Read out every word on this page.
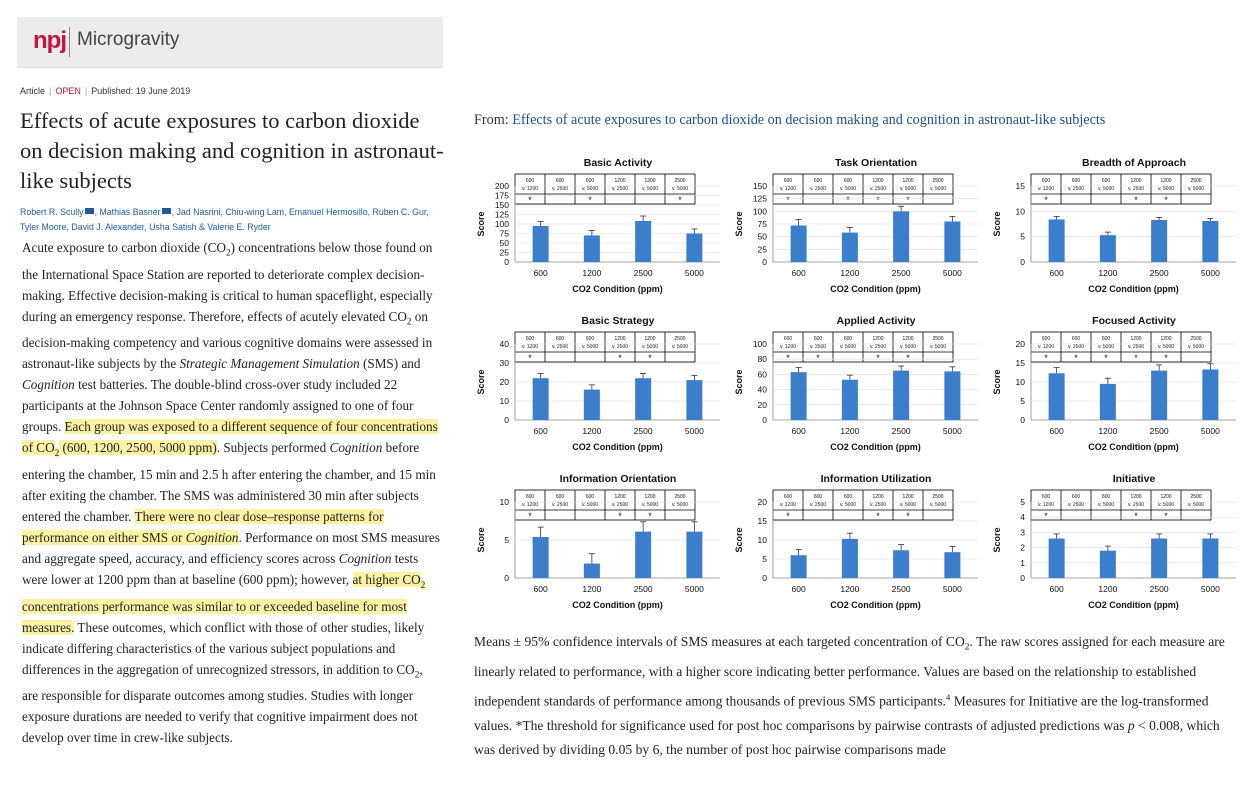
npj Microgravity
Article | OPEN | Published: 19 June 2019
Effects of acute exposures to carbon dioxide on decision making and cognition in astronaut-like subjects
Robert R. Scully , Mathias Basner , Jad Nasrini, Chiu-wing Lam, Emanuel Hermosillo, Ruben C. Gur, Tyler Moore, David J. Alexander, Usha Satish & Valerie E. Ryder

Acute exposure to carbon dioxide $(CO_2)$ concentrations below those found on the International Space Station are reported to deteriorate complex decision-making. Effective decision-making is critical to human spaceflight, especially during an emergency response. Therefore, effects of acutely elevated $CO_2$ on decision-making competency and various cognitive domains were assessed in astronaut-like subjects by the Strategic Management Simulation (SMS) and Cognition test batteries. The double-blind cross-over study included 22 participants at the Johnson Space Center randomly assigned to one of four groups. Each group was exposed to a different sequence of four concentrations of $CO_2$ (600, 1200, 2500, 5000 ppm). Subjects performed Cognition before entering the chamber, 15 min and 2.5 h after entering the chamber, and 15 min after exiting the chamber. The SMS was administered 30 min after subjects entered the chamber. There were no clear dose–response patterns for performance on either SMS or Cognition. Performance on most SMS measures and aggregate speed, accuracy, and efficiency scores across Cognition tests were lower at 1200 ppm than at baseline (600 ppm); however, at higher $CO_2$ concentrations performance was similar to or exceeded baseline for most measures. These outcomes, which conflict with those of other studies, likely indicate differing characteristics of the various subject populations and differences in the aggregation of unrecognized stressors, in addition to $CO_2$, are responsible for disparate outcomes among studies. Studies with longer exposure durations are needed to verify that cognitive impairment does not develop over time in crew-like subjects.

From: Effects of acute exposures to carbon dioxide on decision making and cognition in astronaut-like subjects
Basic Activity
600
v. 1200
*
600
v. 2500
600
v. 5000
*
1200
v. 2500
1200
v. 5000
2500
v. 5000
*
0
25
50
75
100
125
150
175
200
Score
600	1200	2500	5000
CO2 Condition (ppm)
Task Orientation
600
v. 1200
*
600
v. 2500
600
v. 5000
*
1200
v. 2500
*
1200
v. 5000
*
2500
v. 5000
0
25
50
75
100
125
150
Score
600	1200	2500	5000
CO2 Condition (ppm)
Breadth of Approach
600
v. 1200
*
600
v. 2500
600
v. 5000
1200
v. 2500
*
1200
v. 5000
*
2500
v. 5000
0
5
10
15
Score
600	1200	2500	5000
CO2 Condition (ppm)
Basic Strategy
600
v. 1200
*
600
v. 2500
600
v. 5000
1200
v. 2500
*
1200
v. 5000
*
2500
v. 5000
0
10
20
30
40
Score
600	1200	2500	5000
CO2 Condition (ppm)
Applied Activity
600
v. 1200
*
600
v. 2500
*
600
v. 5000
1200
v. 2500
*
1200
v. 5000
*
2500
v. 5000
0
20
40
60
80
100
Score
600	1200	2500	5000
CO2 Condition (ppm)
Focused Activity
600
v. 1200
*
600
v. 2500
*
600
v. 5000
*
1200
v. 2500
*
1200
v. 5000
*
2500
v. 5000
0
5
10
15
20
Score
600	1200	2500	5000
CO2 Condition (ppm)
Information Orientation
600
v. 1200
*
600
v. 2500
600
v. 5000
1200
v. 2500
*
1200
v. 5000
*
2500
v. 5000
0
5
10
Score
600	1200	2500	5000
CO2 Condition (ppm)
Information Utilization
600
v. 1200
*
600
v. 2500
600
v. 5000
1200
v. 2500
*
1200
v. 5000
*
2500
v. 5000
0
5
10
15
20
Score
600	1200	2500	5000
CO2 Condition (ppm)
Initiative
600
v. 1200
*
600
v. 2500
600
v. 5000
1200
v. 2500
*
1200
v. 5000
*
2500
v. 5000
0
1
2
3
4
5
Score
600	1200	2500	5000
CO2 Condition (ppm)

Means ± 95% confidence intervals of SMS measures at each targeted concentration of $CO_2$. The raw scores assigned for each measure are linearly related to performance, with a higher score indicating better performance. Values are based on the relationship to established independent standards of performance among thousands of previous SMS participants.$^4$ Measures for Initiative are the log-transformed values. *The threshold for significance used for post hoc comparisons by pairwise contrasts of adjusted predictions was p < 0.008, which was derived by dividing 0.05 by 6, the number of post hoc pairwise comparisons made
